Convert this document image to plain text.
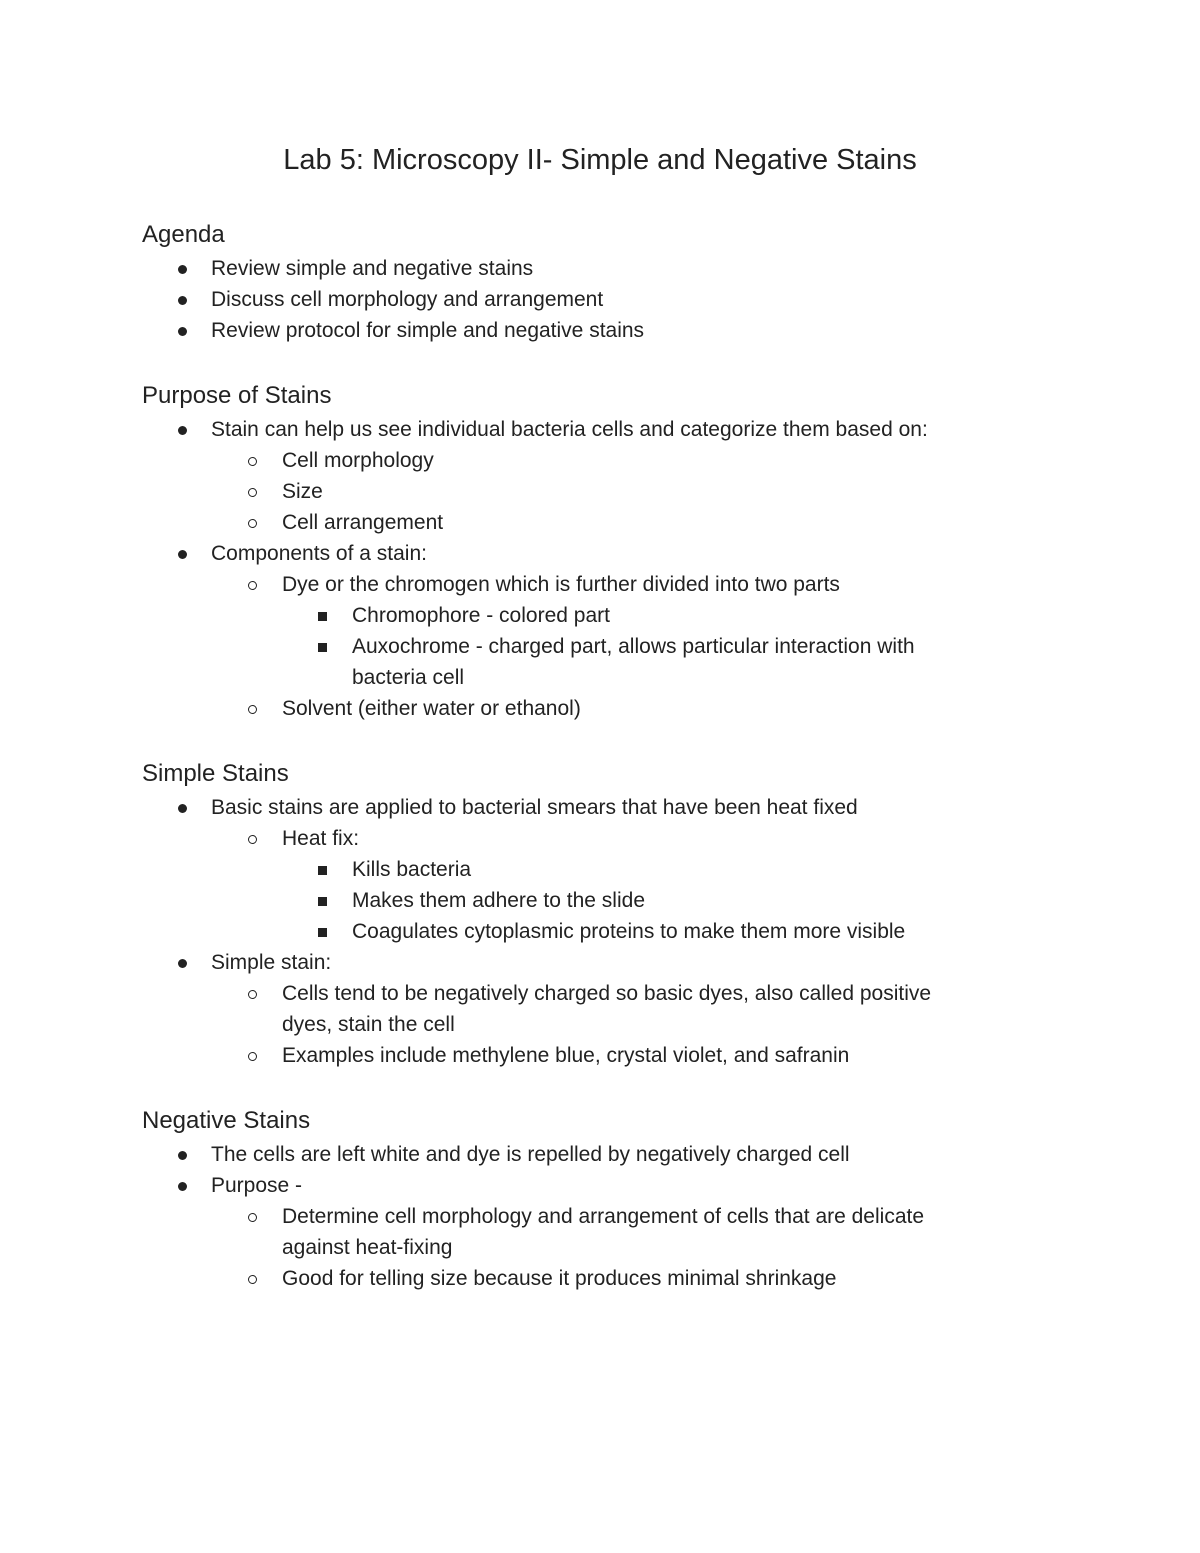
Lab 5: Microscopy II- Simple and Negative Stains
Agenda
Review simple and negative stains
Discuss cell morphology and arrangement
Review protocol for simple and negative stains
Purpose of Stains
Stain can help us see individual bacteria cells and categorize them based on:
Cell morphology
Size
Cell arrangement
Components of a stain:
Dye or the chromogen which is further divided into two parts
Chromophore - colored part
Auxochrome - charged part, allows particular interaction with
bacteria cell
Solvent (either water or ethanol)
Simple Stains
Basic stains are applied to bacterial smears that have been heat fixed
Heat fix:
Kills bacteria
Makes them adhere to the slide
Coagulates cytoplasmic proteins to make them more visible
Simple stain:
Cells tend to be negatively charged so basic dyes, also called positive
dyes, stain the cell
Examples include methylene blue, crystal violet, and safranin
Negative Stains
The cells are left white and dye is repelled by negatively charged cell
Purpose -
Determine cell morphology and arrangement of cells that are delicate
against heat-fixing
Good for telling size because it produces minimal shrinkage
